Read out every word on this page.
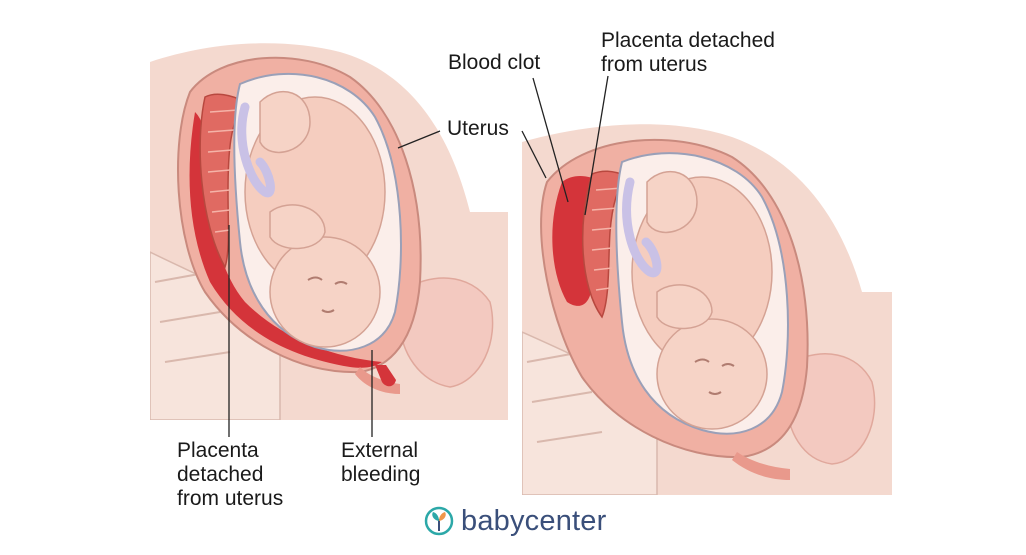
Blood clot
Placenta detached
from uterus
Uterus
Placenta
detached
from uterus
External
bleeding
babycenter
